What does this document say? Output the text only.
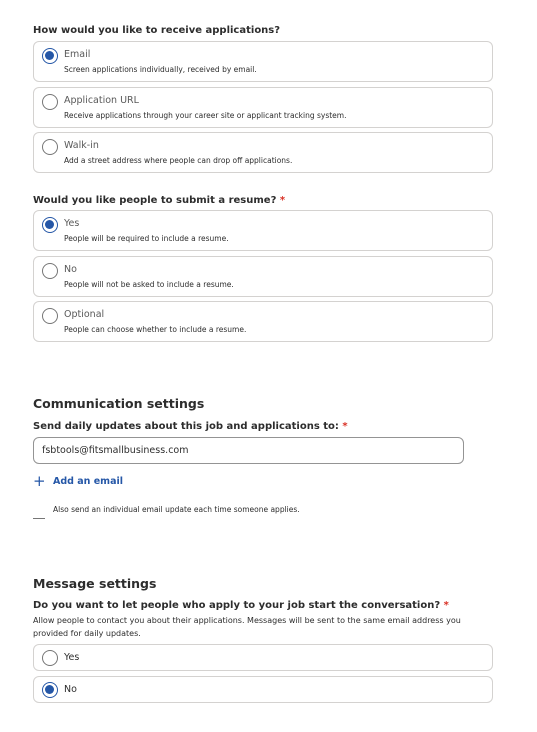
How would you like to receive applications?
Email
Screen applications individually, received by email.
Application URL
Receive applications through your career site or applicant tracking system.
Walk-in
Add a street address where people can drop off applications.
Would you like people to submit a resume? *
Yes
People will be required to include a resume.
No
People will not be asked to include a resume.
Optional
People can choose whether to include a resume.
Communication settings
Send daily updates about this job and applications to: *
fsbtools@fitsmallbusiness.com
+ Add an email
Also send an individual email update each time someone applies.
Message settings
Do you want to let people who apply to your job start the conversation? *
Allow people to contact you about their applications. Messages will be sent to the same email address you provided for daily updates.
Yes
No
